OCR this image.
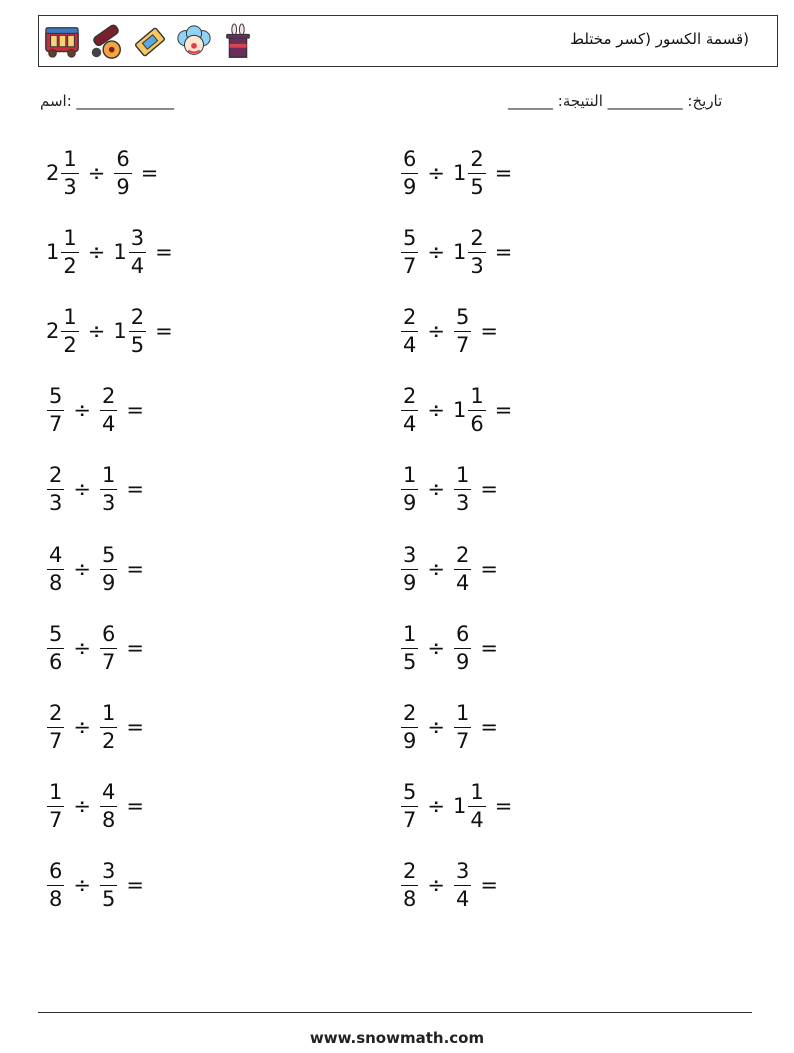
(قسمة الكسور (كسر مختلط
اسم: _____________	______ :تاريخ: __________ النتيجة
$2 \frac{1}{3} \div \frac{6}{9}$ =	$\frac{6}{9} \div 1 \frac{2}{5}$ =
$1 \frac{1}{2} \div 1 \frac{3}{4}$ =	$\frac{5}{7} \div 1 \frac{2}{3}$ =
$2 \frac{1}{2} \div 1 \frac{2}{5}$ =	$\frac{2}{4} \div \frac{5}{7}$ =
$\frac{5}{7} \div \frac{2}{4}$ =	$\frac{2}{4} \div 1 \frac{1}{6}$ =
$\frac{2}{3} \div \frac{1}{3}$ =	$\frac{1}{9} \div \frac{1}{3}$ =
$\frac{4}{8} \div \frac{5}{9}$ =	$\frac{3}{9} \div \frac{2}{4}$ =
$\frac{5}{6} \div \frac{6}{7}$ =	$\frac{1}{5} \div \frac{6}{9}$ =
$\frac{2}{7} \div \frac{1}{2}$ =	$\frac{2}{9} \div \frac{1}{7}$ =
$\frac{1}{7} \div \frac{4}{8}$ =	$\frac{5}{7} \div 1 \frac{1}{4}$ =
$\frac{6}{8} \div \frac{3}{5}$ =	$\frac{2}{8} \div \frac{3}{4}$ =
www.snowmath.com
